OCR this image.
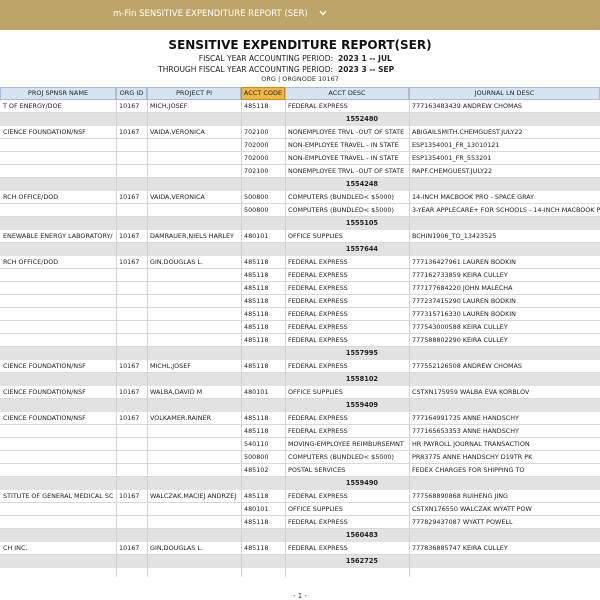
m-Fin SENSITIVE EXPENDITURE REPORT (SER)
SENSITIVE EXPENDITURE REPORT(SER)
FISCAL YEAR ACCOUNTING PERIOD: 2023 1 -- JUL
THROUGH FISCAL YEAR ACCOUNTING PERIOD: 2023 3 -- SEP
ORG | ORGNODE 10167
PROJ SPNSR NAME	ORG ID	PROJECT PI	ACCT CODE	ACCT DESC	JOURNAL LN DESC
T OF ENERGY/DOE	10167	MICH,JOSEF	485118	FEDERAL EXPRESS	777163483439 ANDREW CHOMAS
1552480
CIENCE FOUNDATION/NSF	10167	VAIDA,VERONICA	702100	NONEMPLOYEE TRVL -OUT OF STATE	ABIGAILSMITH.CHEMGUEST.JULY22
702000	NON-EMPLOYEE TRAVEL - IN STATE	ESP1354001_FR_13010121
702000	NON-EMPLOYEE TRAVEL - IN STATE	ESP1354001_FR_553201
702100	NONEMPLOYEE TRVL -OUT OF STATE	RAPF.CHEMGUEST.JULY22
1554248
RCH OFFICE/DOD	10167	VAIDA,VERONICA	500800	COMPUTERS (BUNDLED< $5000)	14-INCH MACBOOK PRO - SPACE GRAY
500800	COMPUTERS (BUNDLED< $5000)	3-YEAR APPLECARE+ FOR SCHOOLS - 14-INCH MACBOOK P
1555105
ENEWABLE ENERGY LABORATORY/	10167	DAMRAUER,NIELS HARLEY	480101	OFFICE SUPPLIES	BCHIN1906_TO_13423525
1557644
RCH OFFICE/DOD	10167	GIN,DOUGLAS L.	485118	FEDERAL EXPRESS	777136427961 LAUREN BODKIN
485118	FEDERAL EXPRESS	777162733859 KEIRA CULLEY
485118	FEDERAL EXPRESS	777177684220 JOHN MALECHA
485118	FEDERAL EXPRESS	777237415290 LAUREN BODKIN
485118	FEDERAL EXPRESS	777315716330 LAUREN BODKIN
485118	FEDERAL EXPRESS	777543000588 KEIRA CULLEY
485118	FEDERAL EXPRESS	777588802290 KEIRA CULLEY
1557995
CIENCE FOUNDATION/NSF	10167	MICHL,JOSEF	485118	FEDERAL EXPRESS	777552126508 ANDREW CHOMAS
1558102
CIENCE FOUNDATION/NSF	10167	WALBA,DAVID M	480101	OFFICE SUPPLIES	CSTXN175959 WALBA EVA KORBLOV
1559409
CIENCE FOUNDATION/NSF	10167	VOLKAMER,RAINER	485118	FEDERAL EXPRESS	777164991735 ANNE HANDSCHY
485118	FEDERAL EXPRESS	777165653353 ANNE HANDSCHY
540110	MOVING-EMPLOYEE REIMBURSEMNT	HR PAYROLL JOURNAL TRANSACTION
500800	COMPUTERS (BUNDLED< $5000)	PR83775 ANNE HANDSCHY D19TR PK
485102	POSTAL SERVICES	FEDEX CHARGES FOR SHIPPING TO
1559490
STITUTE OF GENERAL MEDICAL SC 10167	WALCZAK,MACIEJ ANDRZEJ	485118	FEDERAL EXPRESS	777568890868 RUIHENG JING
480101	OFFICE SUPPLIES	CSTXN176550 WALCZAK WYATT POW
485118	FEDERAL EXPRESS	777829437087 WYATT POWELL
1560483
CH INC.	10167	GIN,DOUGLAS L.	485118	FEDERAL EXPRESS	777836885747 KEIRA CULLEY
1562725
- 1 -
